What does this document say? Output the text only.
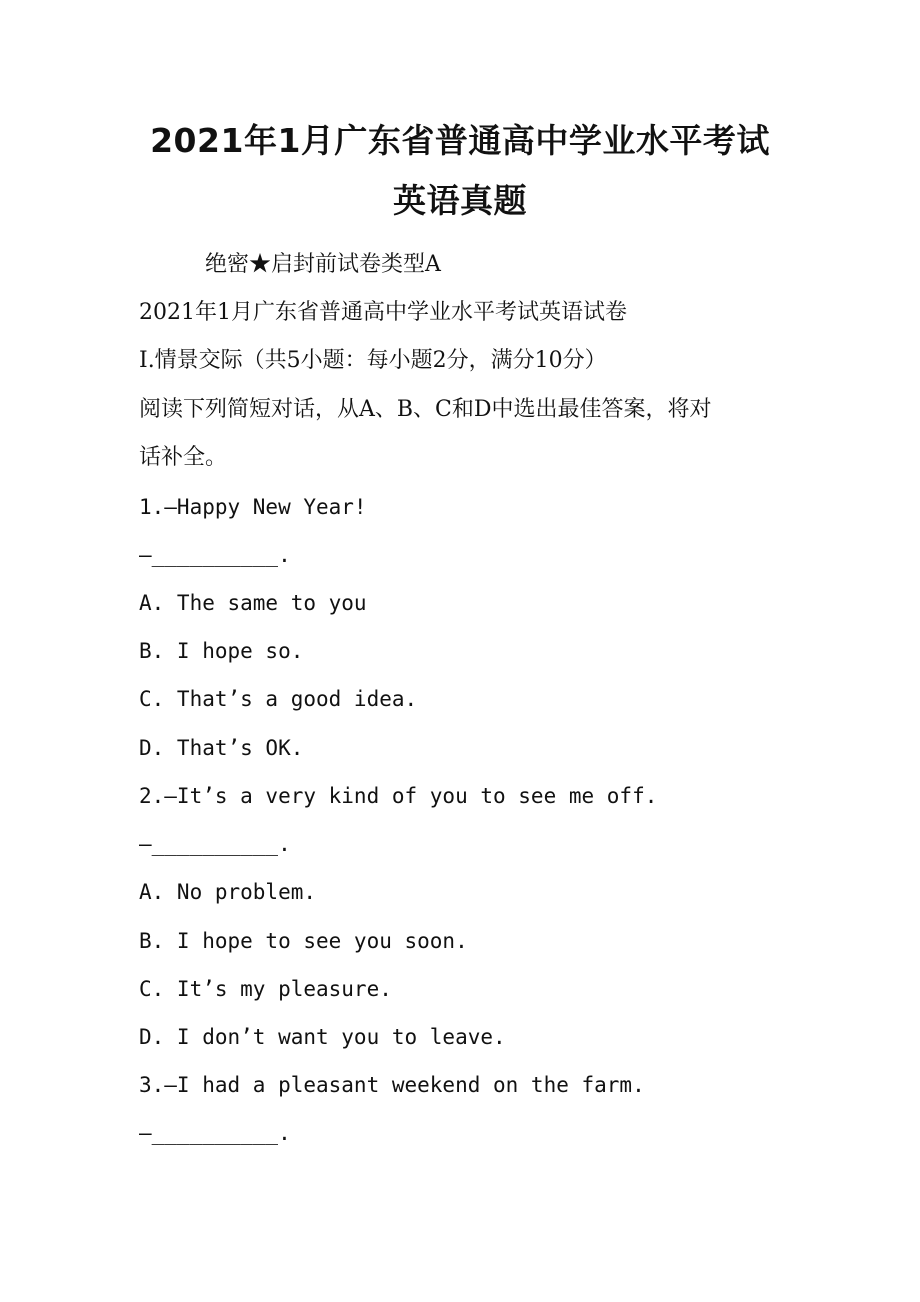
2021年1月广东省普通高中学业水平考试
英语真题
绝密★启封前试卷类型A
2021年1月广东省普通高中学业水平考试英语试卷
I.情景交际（共5小题：每小题2分，满分10分）
阅读下列简短对话，从A、B、C和D中选出最佳答案，将对
话补全。
1.—Happy New Year!
—__________.
A. The same to you
B. I hope so.
C. That’s a good idea.
D. That’s OK.
2.—It’s a very kind of you to see me off.
—__________.
A. No problem.
B. I hope to see you soon.
C. It’s my pleasure.
D. I don’t want you to leave.
3.—I had a pleasant weekend on the farm.
—__________.
